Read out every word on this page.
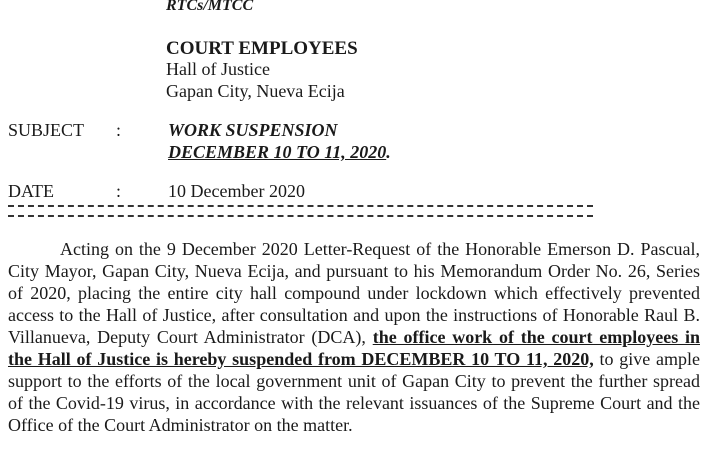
RTCs/MTCC
COURT EMPLOYEES
Hall of Justice
Gapan City, Nueva Ecija
SUBJECT :	WORK SUSPENSION
DECEMBER 10 TO 11, 2020.
DATE	:	10 December 2020
Acting on the 9 December 2020 Letter-Request of the Honorable Emerson D. Pascual, City Mayor, Gapan City, Nueva Ecija, and pursuant to his Memorandum Order No. 26, Series of 2020, placing the entire city hall compound under lockdown which effectively prevented access to the Hall of Justice, after consultation and upon the instructions of Honorable Raul B. Villanueva, Deputy Court Administrator (DCA), the office work of the court employees in the Hall of Justice is hereby suspended from DECEMBER 10 TO 11, 2020, to give ample support to the efforts of the local government unit of Gapan City to prevent the further spread of the Covid-19 virus, in accordance with the relevant issuances of the Supreme Court and the Office of the Court Administrator on the matter.
